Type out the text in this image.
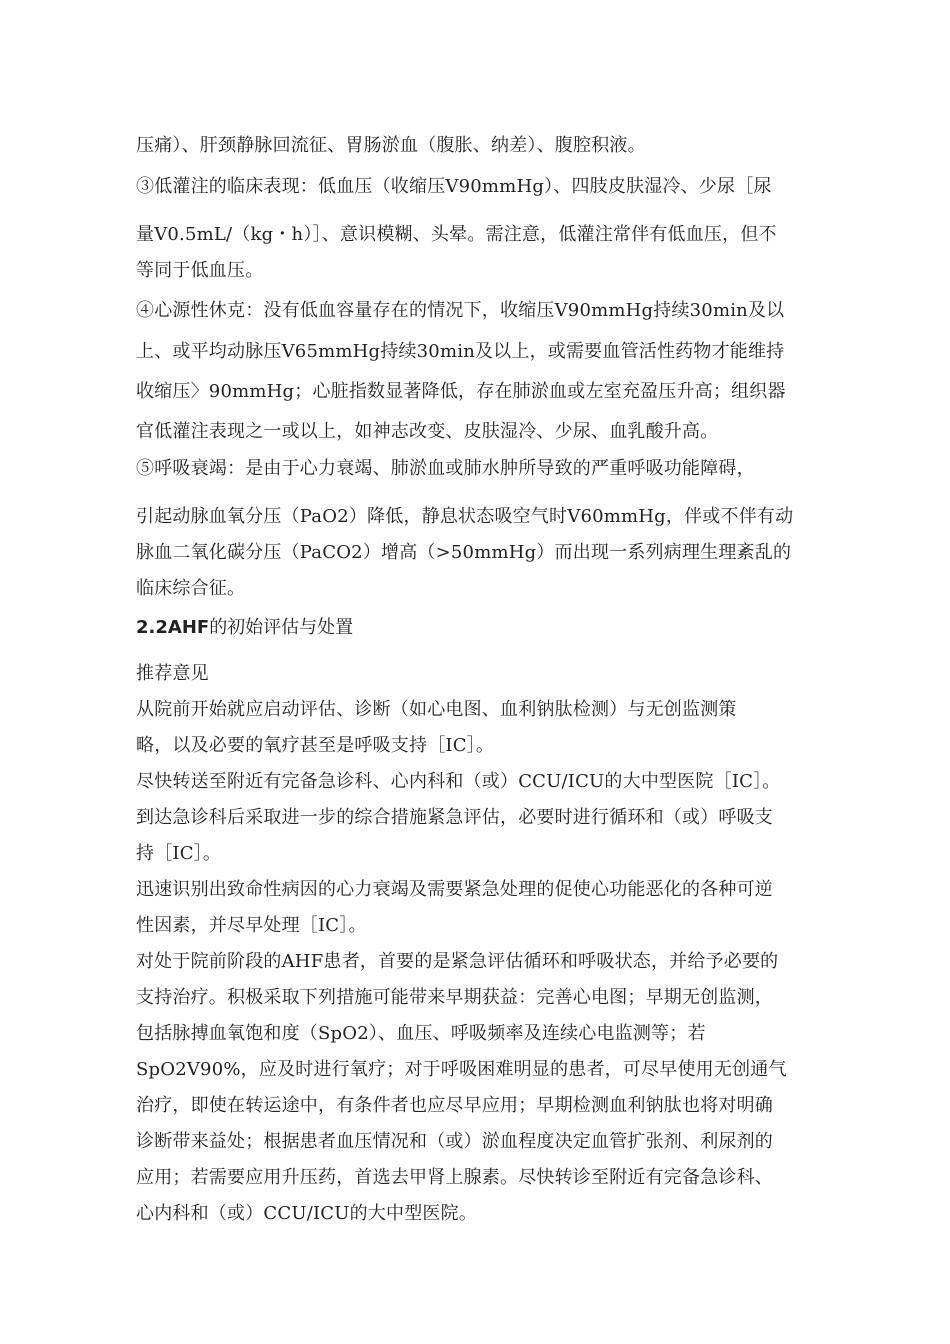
压痛）、肝颈静脉回流征、胃肠淤血（腹胀、纳差）、腹腔积液。
③低灌注的临床表现：低血压（收缩压V90mmHg）、四肢皮肤湿冷、少尿［尿
量V0.5mL/（kg・h）］、意识模糊、头晕。需注意，低灌注常伴有低血压，但不
等同于低血压。
④心源性休克：没有低血容量存在的情况下，收缩压V90mmHg持续30min及以
上、或平均动脉压V65mmHg持续30min及以上，或需要血管活性药物才能维持
收缩压〉90mmHg；心脏指数显著降低，存在肺淤血或左室充盈压升高；组织器
官低灌注表现之一或以上，如神志改变、皮肤湿冷、少尿、血乳酸升高。
⑤呼吸衰竭：是由于心力衰竭、肺淤血或肺水肿所导致的严重呼吸功能障碍，
引起动脉血氧分压（PaO2）降低，静息状态吸空气时V60mmHg，伴或不伴有动
脉血二氧化碳分压（PaCO2）增高（>50mmHg）而出现一系列病理生理紊乱的
临床综合征。
2.2AHF的初始评估与处置
推荐意见
从院前开始就应启动评估、诊断（如心电图、血利钠肽检测）与无创监测策
略，以及必要的氧疗甚至是呼吸支持［IC］。
尽快转送至附近有完备急诊科、心内科和（或）CCU/ICU的大中型医院［IC］。
到达急诊科后采取进一步的综合措施紧急评估，必要时进行循环和（或）呼吸支
持［IC］。
迅速识别出致命性病因的心力衰竭及需要紧急处理的促使心功能恶化的各种可逆
性因素，并尽早处理［IC］。
对处于院前阶段的AHF患者，首要的是紧急评估循环和呼吸状态，并给予必要的
支持治疗。积极采取下列措施可能带来早期获益：完善心电图；早期无创监测，
包括脉搏血氧饱和度（SpO2）、血压、呼吸频率及连续心电监测等；若
SpO2V90%，应及时进行氧疗；对于呼吸困难明显的患者，可尽早使用无创通气
治疗，即使在转运途中，有条件者也应尽早应用；早期检测血利钠肽也将对明确
诊断带来益处；根据患者血压情况和（或）淤血程度决定血管扩张剂、利尿剂的
应用；若需要应用升压药，首选去甲肾上腺素。尽快转诊至附近有完备急诊科、
心内科和（或）CCU/ICU的大中型医院。
